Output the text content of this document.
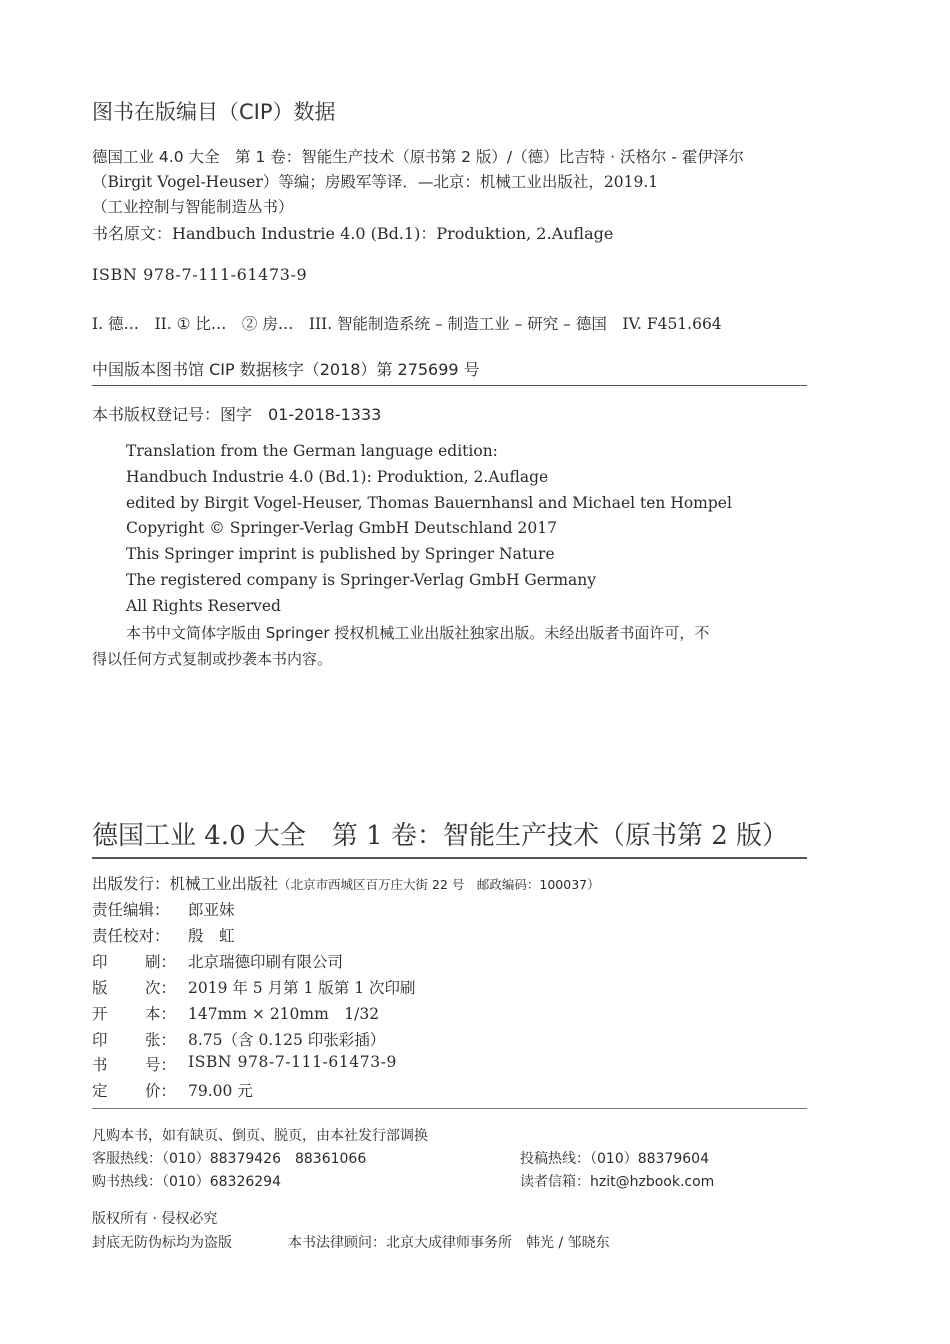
图书在版编目（CIP）数据
德国工业 4.0 大全　第 1 卷：智能生产技术（原书第 2 版）/（德）比吉特 · 沃格尔 - 霍伊泽尔
（Birgit Vogel-Heuser）等编；房殿军等译．—北京：机械工业出版社，2019.1
（工业控制与智能制造丛书）
书名原文：Handbuch Industrie 4.0 (Bd.1)：Produktion, 2.Auflage
ISBN 978-7-111-61473-9
I. 德…　II. ① 比…　② 房…　III. 智能制造系统 – 制造工业 – 研究 – 德国　IV. F451.664
中国版本图书馆 CIP 数据核字（2018）第 275699 号
本书版权登记号：图字　01-2018-1333
Translation from the German language edition:
Handbuch Industrie 4.0 (Bd.1): Produktion, 2.Auflage
edited by Birgit Vogel-Heuser, Thomas Bauernhansl and Michael ten Hompel
Copyright © Springer-Verlag GmbH Deutschland 2017
This Springer imprint is published by Springer Nature
The registered company is Springer-Verlag GmbH Germany
All Rights Reserved
本书中文简体字版由 Springer 授权机械工业出版社独家出版。未经出版者书面许可，不
得以任何方式复制或抄袭本书内容。
德国工业 4.0 大全　第 1 卷：智能生产技术（原书第 2 版）
出版发行：机械工业出版社（北京市西城区百万庄大街 22 号　邮政编码：100037）
责任编辑：	郎亚妹
责任校对：	殷　虹
印 刷： 北京瑞德印刷有限公司
版 次： 2019 年 5 月第 1 版第 1 次印刷
开 本： 147mm × 210mm　1/32
印 张： 8.75（含 0.125 印张彩插）
书 号： ISBN 978-7-111-61473-9
定 价： 79.00 元
凡购本书，如有缺页、倒页、脱页，由本社发行部调换
客服热线：（010）88379426　88361066	投稿热线：（010）88379604
购书热线：（010）68326294	读者信箱：hzit@hzbook.com
版权所有 · 侵权必究
封底无防伪标均为盗版	本书法律顾问：北京大成律师事务所　韩光 / 邹晓东
